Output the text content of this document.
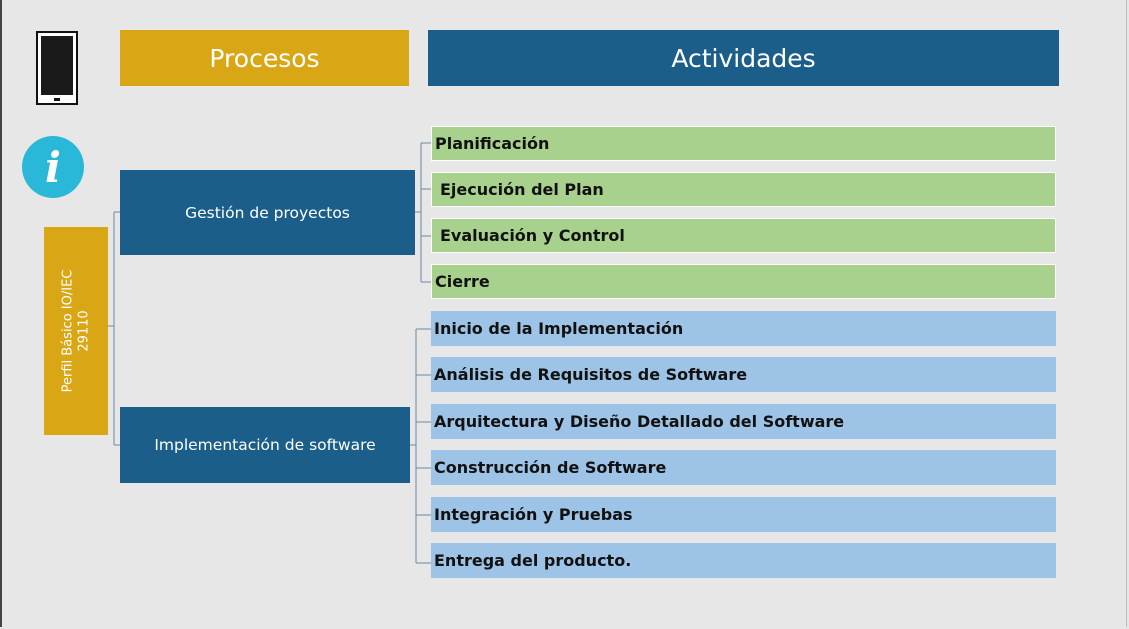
i
Procesos	Actividades
Perfil Básico IO/IEC 29110
Gestión de proyectos
Implementación de software
Planificación
Ejecución del Plan
Evaluación y Control
Cierre
Inicio de la Implementación
Análisis de Requisitos de Software
Arquitectura y Diseño Detallado del Software
Construcción de Software
Integración y Pruebas
Entrega del producto.
